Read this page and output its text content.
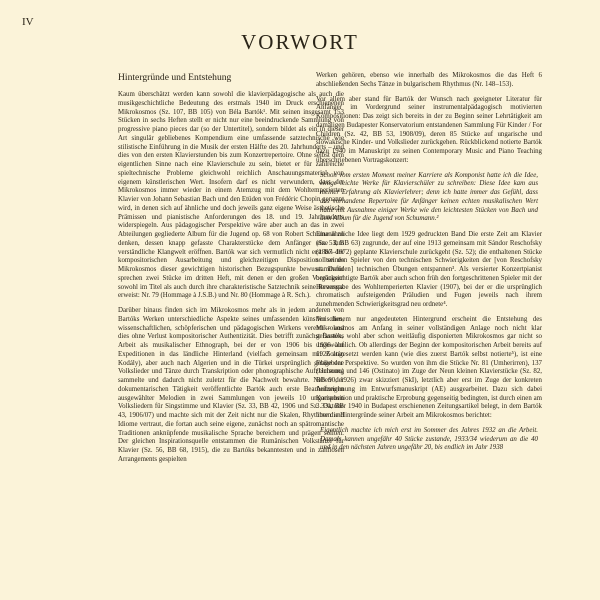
IV
VORWORT
Hintergründe und Entstehung

Kaum überschätzt werden kann sowohl die klavierpädagogische als auch die musikgeschichtliche Bedeutung des erstmals 1940 im Druck erschienenen Mikrokosmos (Sz. 107, BB 105) von Béla Bartók¹. Mit seinen insgesamt 153 Stücken in sechs Heften stellt er nicht nur eine beeindruckende Sammlung von progressive piano pieces dar (so der Untertitel), sondern bildet als ein in dieser Art singulär gebliebenes Kompendium eine umfassende satztechnische wie stilistische Einführung in die Musik der ersten Hälfte des 20. Jahrhunderts – und dies von den ersten Klavierstunden bis zum Konzertrepertoire. Ohne selbst dem eigentlichen Sinne nach eine Klavierschule zu sein, bietet er für zahlreiche spieltechnische Probleme gleichwohl reichlich Anschauungsmaterial von eigenem künstlerischen Wert. Insofern darf es nicht verwundern, dass der Mikrokosmos immer wieder in einem Atemzug mit dem Wohltemperierten Klavier von Johann Sebastian Bach und den Etüden von Frédéric Chopin genannt wird, in denen sich auf ähnliche und doch jeweils ganz eigene Weise ästhetische Prämissen und pianistische Anforderungen des 18. und 19. Jahrhunderts widerspiegeln. Aus pädagogischer Perspektive wäre aber auch an das in zwei Abteilungen gegliederte Album für die Jugend op. 68 von Robert Schumann zu denken, dessen knapp gefasste Charakterstücke dem Anfänger eine ihm verständliche Klangwelt eröffnen. Bartók war sich vermutlich nicht erst bei der kompositorischen Ausarbeitung und gleichzeitigen Disposition seines Mikrokosmos dieser gewichtigen historischen Bezugspunkte bewusst. Dafür sprechen zwei Stücke im dritten Heft, mit denen er den großen Vorgängern sowohl im Titel als auch durch ihre charakteristische Satztechnik seine Reverenz erweist: Nr. 79 (Hommage à J.S.B.) und Nr. 80 (Hommage à R. Sch.).

Darüber hinaus finden sich im Mikrokosmos mehr als in jedem anderen von Bartóks Werken unterschiedliche Aspekte seines umfassenden künstlerischen, wissenschaftlichen, schöpferischen und pädagogischen Wirkens vereint – und dies ohne Verlust kompositorischer Authentizität. Dies betrifft zunächst Bartóks Arbeit als musikalischer Ethnograph, bei der er von 1906 bis 1936 auf Expeditionen in das ländliche Hinterland (vielfach gemeinsam mit Zoltán Kodály), aber auch nach Algerien und in die Türkei ursprünglich gebliebene Volkslieder und Tänze durch Transkription oder phonographische Aufzeichnung sammelte und dadurch nicht zuletzt für die Nachwelt bewahrte. Neben der dokumentarischen Tätigkeit veröffentlichte Bartók auch erste Bearbeitungen ausgewählter Melodien in zwei Sammlungen von jeweils 10 ungarischen Volksliedern für Singstimme und Klavier (Sz. 33, BB 42, 1906 und Sz. 33a, BB 43, 1906/07) und machte sich mit der Zeit nicht nur die Skalen, Rhythmen und Idiome vertraut, die fortan auch seine eigene, zunächst noch an spätromantische Traditionen anknüpfende musikalische Sprache bereichern und prägen sollten. Der gleichen Inspirationsquelle entstammen die Rumänischen Volkstänze für Klavier (Sz. 56, BB 68, 1915), die zu Bartóks bekanntesten und in zahllosen Arrangements gespielten

Werken gehören, ebenso wie innerhalb des Mikrokosmos die das Heft 6 abschließenden Sechs Tänze in bulgarischem Rhythmus (Nr. 148–153).

Vor allem aber stand für Bartók der Wunsch nach geeigneter Literatur für Anfänger im Vordergrund seiner instrumentalpädagogisch motivierten Kompositionen: Das zeigt sich bereits in der zu Beginn seiner Lehrtätigkeit am damaligen Budapester Konservatorium entstandenen Sammlung Für Kinder / For Children (Sz. 42, BB 53, 1908/09), deren 85 Stücke auf ungarische und slowakische Kinder- und Volkslieder zurückgehen. Rückblickend notierte Bartók dazu 1940 im Manuskript zu seinen Contemporary Music and Piano Teaching überschriebenen Vortragskonzert:

Schon vom ersten Moment meiner Karriere als Komponist hatte ich die Idee, einige leichte Werke für Klavierschüler zu schreiben: Diese Idee kam aus meiner Erfahrung als Klavierlehrer; denn ich hatte immer das Gefühl, dass das vorhandene Repertoire für Anfänger keinen echten musikalischen Wert hatte mit Ausnahme einiger Werke wie den leichtesten Stücken von Bach und dem Album für die Jugend von Schumann.²

Eine ähnliche Idee liegt dem 1929 gedruckten Band Die erste Zeit am Klavier (Sz. 53, BB 63) zugrunde, der auf eine 1913 gemeinsam mit Sándor Reschofsky (1887–1972) geplante Klavierschule zurückgeht (Sz. 52); die enthaltenen Stücke sollten den Spieler von den technischen Schwierigkeiten der [von Reschofsky stammenden] technischen Übungen entspannen³. Als versierter Konzertpianist berücksichtigte Bartók aber auch schon früh den fortgeschrittenen Spieler mit der Herausgabe des Wohltemperierten Klavier (1907), bei der er die ursprünglich chromatisch aufsteigenden Präludien und Fugen jeweils nach ihrem zunehmenden Schwierigkeitsgrad neu ordnete⁴.

Vor diesem nur angedeuteten Hintergrund erscheint die Entstehung des Mikrokosmos am Anfang in seiner vollständigen Anlage noch nicht klar gefassten, wohl aber schon weitläufig disponierten Mikrokosmos gar nicht so ungewöhnlich. Ob allerdings der Beginn der kompositorischen Arbeit bereits auf 1926 angesetzt werden kann (wie dies zuerst Bartók selbst notierte⁵), ist eine Frage der Perspektive. So wurden von ihm die Stücke Nr. 81 (Umherirren), 137 (Unisono) und 146 (Ostinato) im Zuge der Neun kleinen Klavierstücke (Sz. 82, BB 90, 1926) zwar skizziert (SkI), letztlich aber erst im Zuge der konkreten Aufzeichnung im Entwurfsmanuskript (AE) ausgearbeitet. Dazu sich dabei Komposition und praktische Erprobung gegenseitig bedingten, ist durch einen am 3. Oktober 1940 in Budapest erschienenen Zeitungsartikel belegt, in dem Bartók über die Hintergründe seiner Arbeit am Mikrokosmos berichtet:

Eigentlich machte ich mich erst im Sommer des Jahres 1932 an die Arbeit. Damals kannen ungefähr 40 Stücke zustande, 1933/34 wiederum an die 40 und in den nächsten Jahren ungefähr 20, bis endlich im Jahr 1938
